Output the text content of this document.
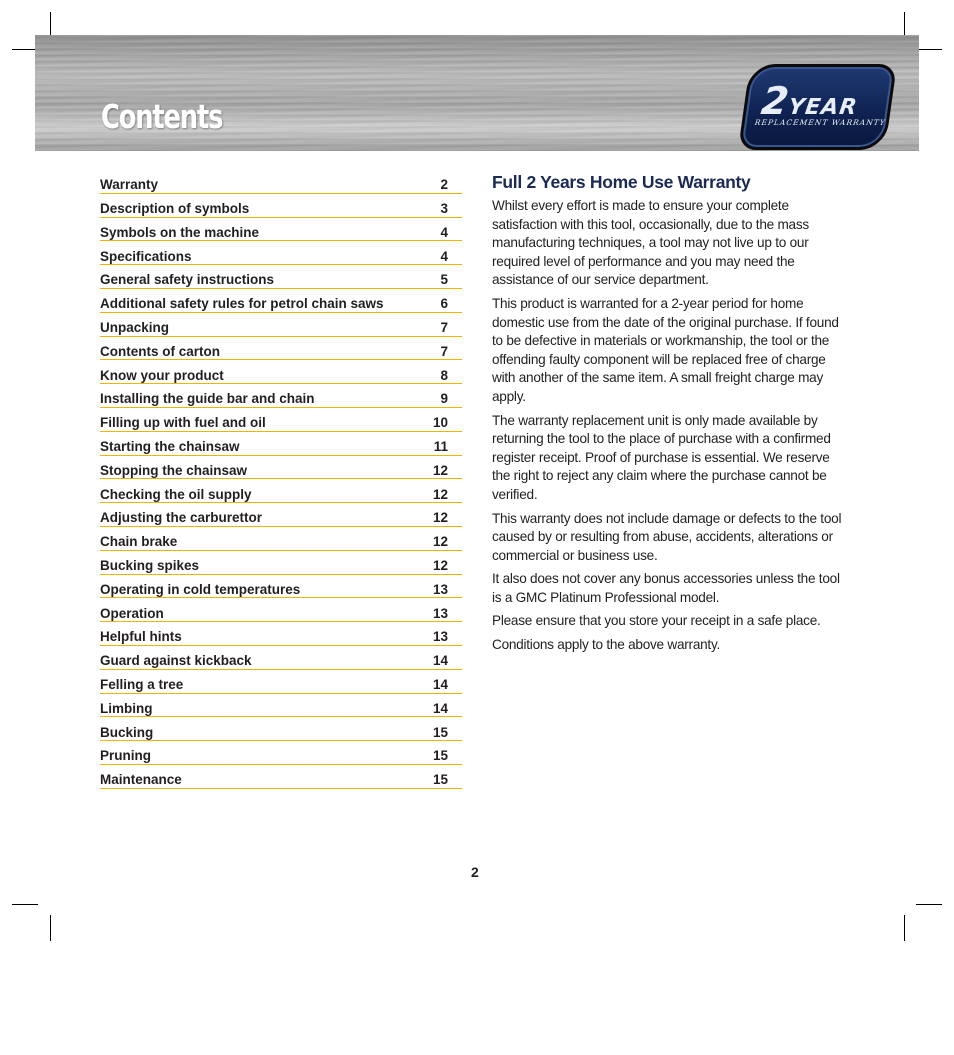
Contents	2YEAR
REPLACEMENT WARRANTY
Warranty	2
Description of symbols	3
Symbols on the machine	4
Specifications	4
General safety instructions	5
Additional safety rules for petrol chain saws	6
Unpacking	7
Contents of carton	7
Know your product	8
Installing the guide bar and chain	9
Filling up with fuel and oil	10
Starting the chainsaw	11
Stopping the chainsaw	12
Checking the oil supply	12
Adjusting the carburettor	12
Chain brake	12
Bucking spikes	12
Operating in cold temperatures	13
Operation	13
Helpful hints	13
Guard against kickback	14
Felling a tree	14
Limbing	14
Bucking	15
Pruning	15
Maintenance	15
Full 2 Years Home Use Warranty

Whilst every effort is made to ensure your complete satisfaction with this tool, occasionally, due to the mass manufacturing techniques, a tool may not live up to our required level of performance and you may need the assistance of our service department.

This product is warranted for a 2-year period for home domestic use from the date of the original purchase. If found to be defective in materials or workmanship, the tool or the offending faulty component will be replaced free of charge with another of the same item. A small freight charge may apply.

The warranty replacement unit is only made available by returning the tool to the place of purchase with a confirmed register receipt. Proof of purchase is essential. We reserve the right to reject any claim where the purchase cannot be verified.

This warranty does not include damage or defects to the tool caused by or resulting from abuse, accidents, alterations or commercial or business use.

It also does not cover any bonus accessories unless the tool is a GMC Platinum Professional model.

Please ensure that you store your receipt in a safe place.

Conditions apply to the above warranty.

2
